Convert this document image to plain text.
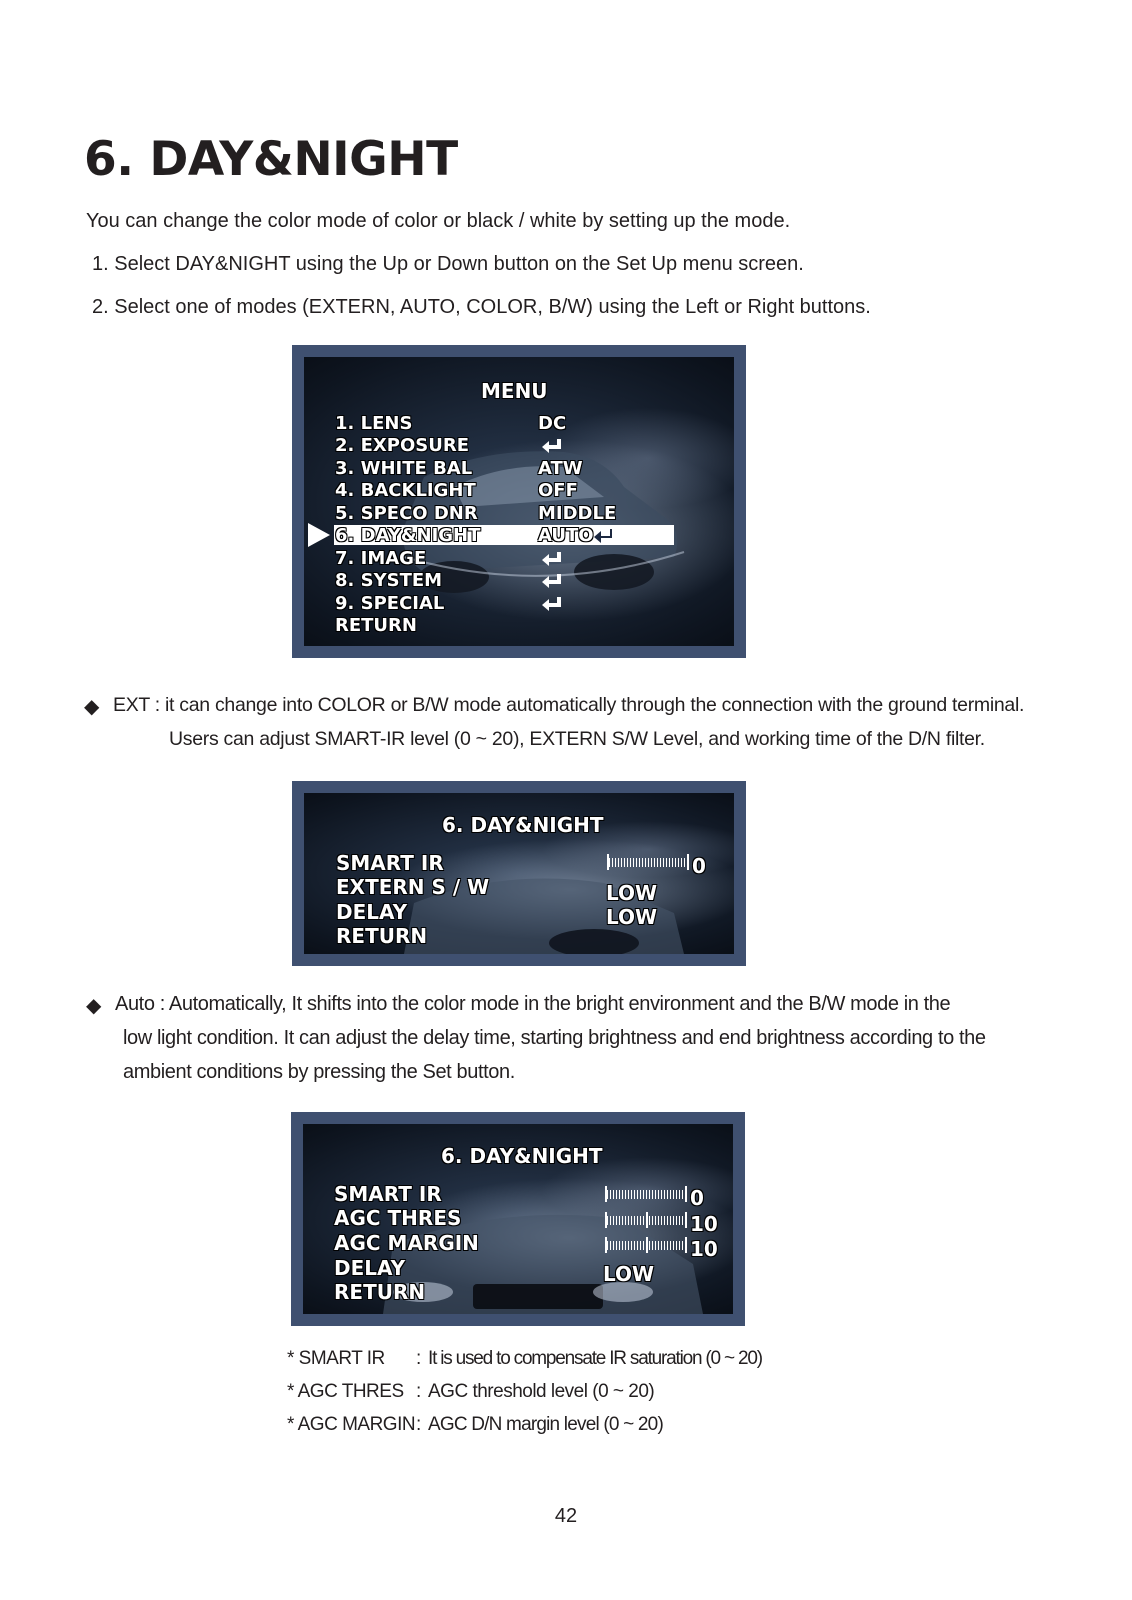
6. DAY&NIGHT
You can change the color mode of color or black / white by setting up the mode.
1. Select DAY&NIGHT using the Up or Down button on the Set Up menu screen.
2. Select one of modes (EXTERN, AUTO, COLOR, B/W) using the Left or Right buttons.
MENU
1. LENS	DC
2. EXPOSURE
3. WHITE BAL	ATW
4. BACKLIGHT	OFF
5. SPECO DNR	MIDDLE
6. DAY&NIGHT	AUTO
7. IMAGE
8. SYSTEM
9. SPECIAL
RETURN
◆ EXT : it can change into COLOR or B/W mode automatically through the connection with the ground terminal.
Users can adjust SMART-IR level (0 ~ 20), EXTERN S/W Level, and working time of the D/N filter.
6. DAY&NIGHT
SMART IR	0
EXTERN S / W	LOW
DELAY	LOW
RETURN
◆ Auto : Automatically, It shifts into the color mode in the bright environment and the B/W mode in the
low light condition. It can adjust the delay time, starting brightness and end brightness according to the
ambient conditions by pressing the Set button.
6. DAY&NIGHT
SMART IR	0
AGC THRES	10
AGC MARGIN	10
DELAY	LOW
RETURN
* SMART IR : It is used to compensate IR saturation (0 ~ 20)
* AGC THRES : AGC threshold level (0 ~ 20)
* AGC MARGIN : AGC D/N margin level (0 ~ 20)
42
